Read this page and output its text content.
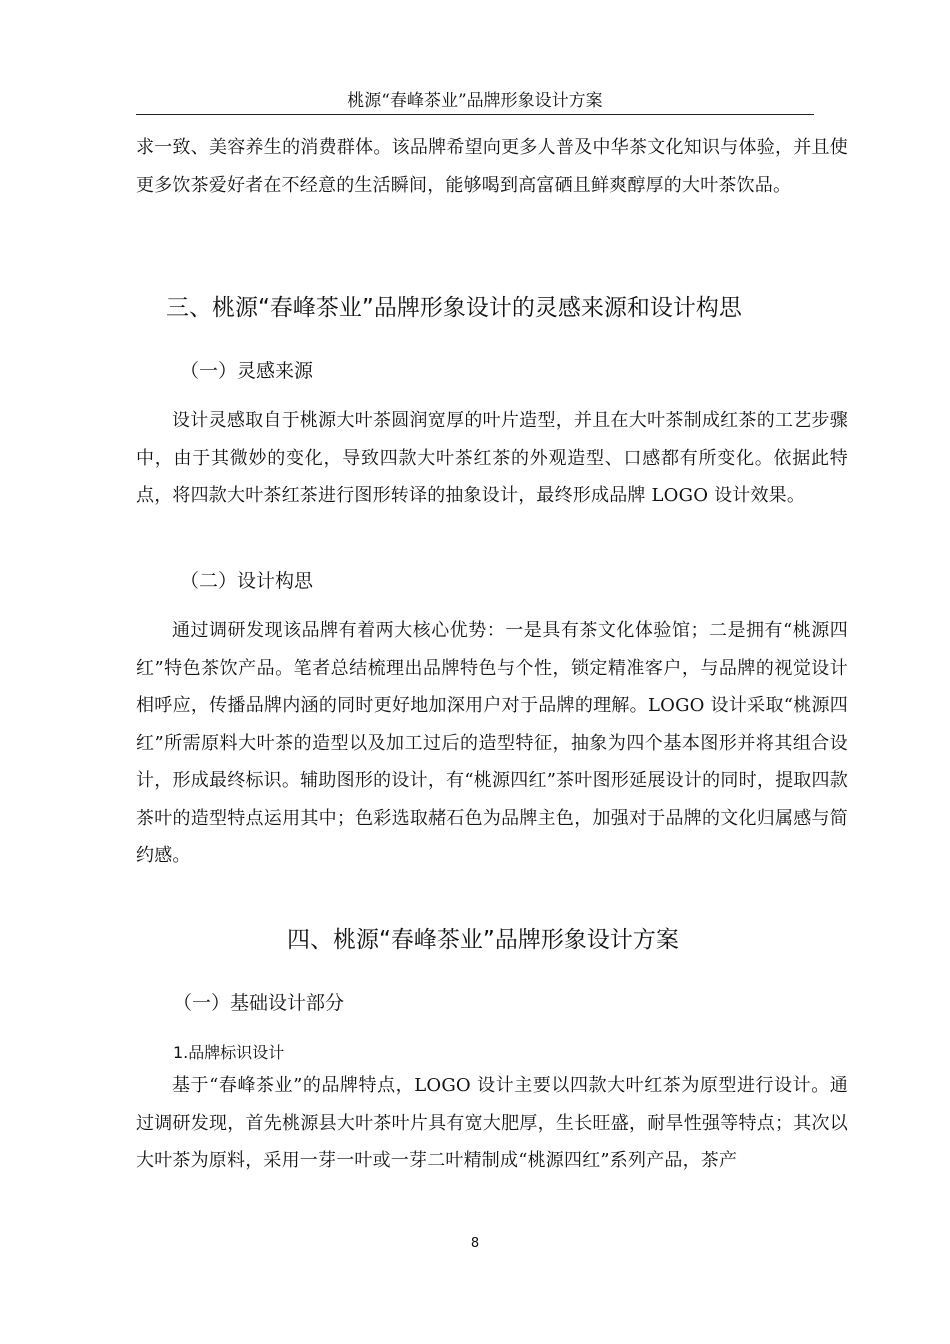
桃源“春峰茶业”品牌形象设计方案

求一致、美容养生的消费群体。该品牌希望向更多人普及中华茶文化知识与体验，并且使更多饮茶爱好者在不经意的生活瞬间，能够喝到高富硒且鲜爽醇厚的大叶茶饮品。

三、桃源“春峰茶业”品牌形象设计的灵感来源和设计构思
（一）灵感来源

设计灵感取自于桃源大叶茶圆润宽厚的叶片造型，并且在大叶茶制成红茶的工艺步骤中，由于其微妙的变化，导致四款大叶茶红茶的外观造型、口感都有所变化。依据此特点，将四款大叶茶红茶进行图形转译的抽象设计，最终形成品牌 LOGO 设计效果。

（二）设计构思

通过调研发现该品牌有着两大核心优势：一是具有茶文化体验馆；二是拥有“桃源四红”特色茶饮产品。笔者总结梳理出品牌特色与个性，锁定精准客户，与品牌的视觉设计相呼应，传播品牌内涵的同时更好地加深用户对于品牌的理解。LOGO 设计采取“桃源四红”所需原料大叶茶的造型以及加工过后的造型特征，抽象为四个基本图形并将其组合设计，形成最终标识。辅助图形的设计，有“桃源四红”茶叶图形延展设计的同时，提取四款茶叶的造型特点运用其中；色彩选取赭石色为品牌主色，加强对于品牌的文化归属感与简约感。

四、桃源“春峰茶业”品牌形象设计方案
（一）基础设计部分
1.品牌标识设计

基于“春峰茶业”的品牌特点，LOGO 设计主要以四款大叶红茶为原型进行设计。通过调研发现，首先桃源县大叶茶叶片具有宽大肥厚，生长旺盛，耐旱性强等特点；其次以大叶茶为原料，采用一芽一叶或一芽二叶精制成“桃源四红”系列产品，茶产

8
